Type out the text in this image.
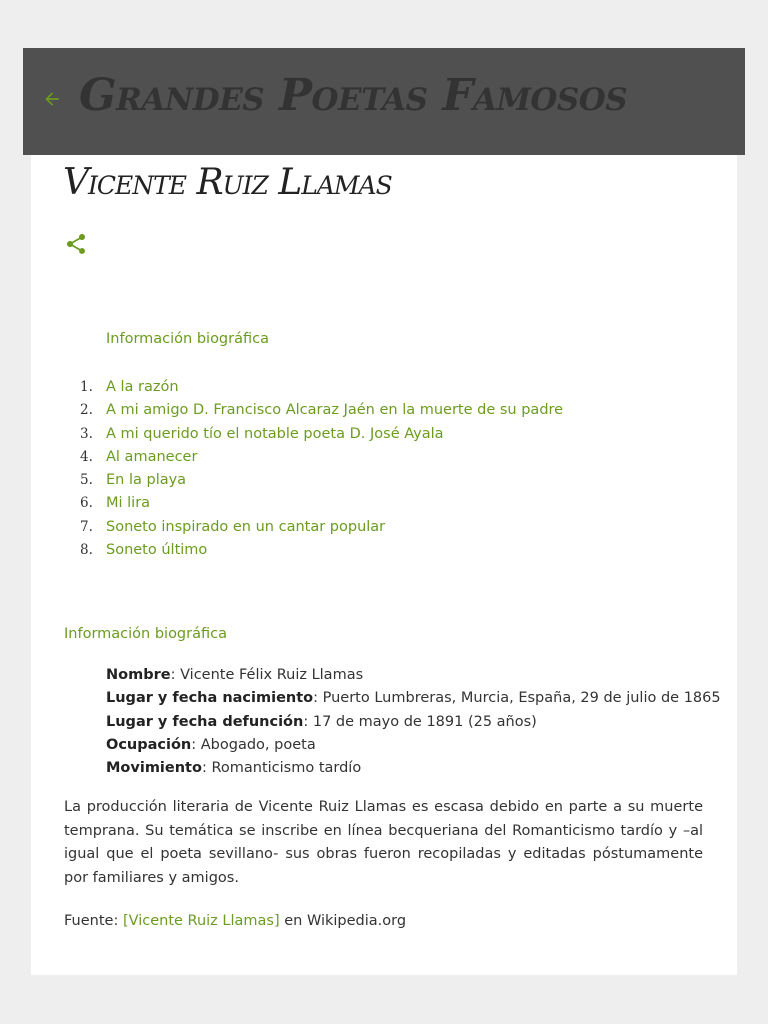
Grandes Poetas Famosos
Vicente Ruiz Llamas
Información biográfica
1. A la razón
2. A mi amigo D. Francisco Alcaraz Jaén en la muerte de su padre
3. A mi querido tío el notable poeta D. José Ayala
4. Al amanecer
5. En la playa
6. Mi lira
7. Soneto inspirado en un cantar popular
8. Soneto último
Información biográfica
Nombre: Vicente Félix Ruiz Llamas
Lugar y fecha nacimiento: Puerto Lumbreras, Murcia, España, 29 de julio de 1865
Lugar y fecha defunción: 17 de mayo de 1891 (25 años)
Ocupación: Abogado, poeta
Movimiento: Romanticismo tardío

La producción literaria de Vicente Ruiz Llamas es escasa debido en parte a su muerte temprana. Su temática se inscribe en línea becqueriana del Romanticismo tardío y –al igual que el poeta sevillano- sus obras fueron recopiladas y editadas póstumamente por familiares y amigos.

Fuente: [Vicente Ruiz Llamas] en Wikipedia.org
